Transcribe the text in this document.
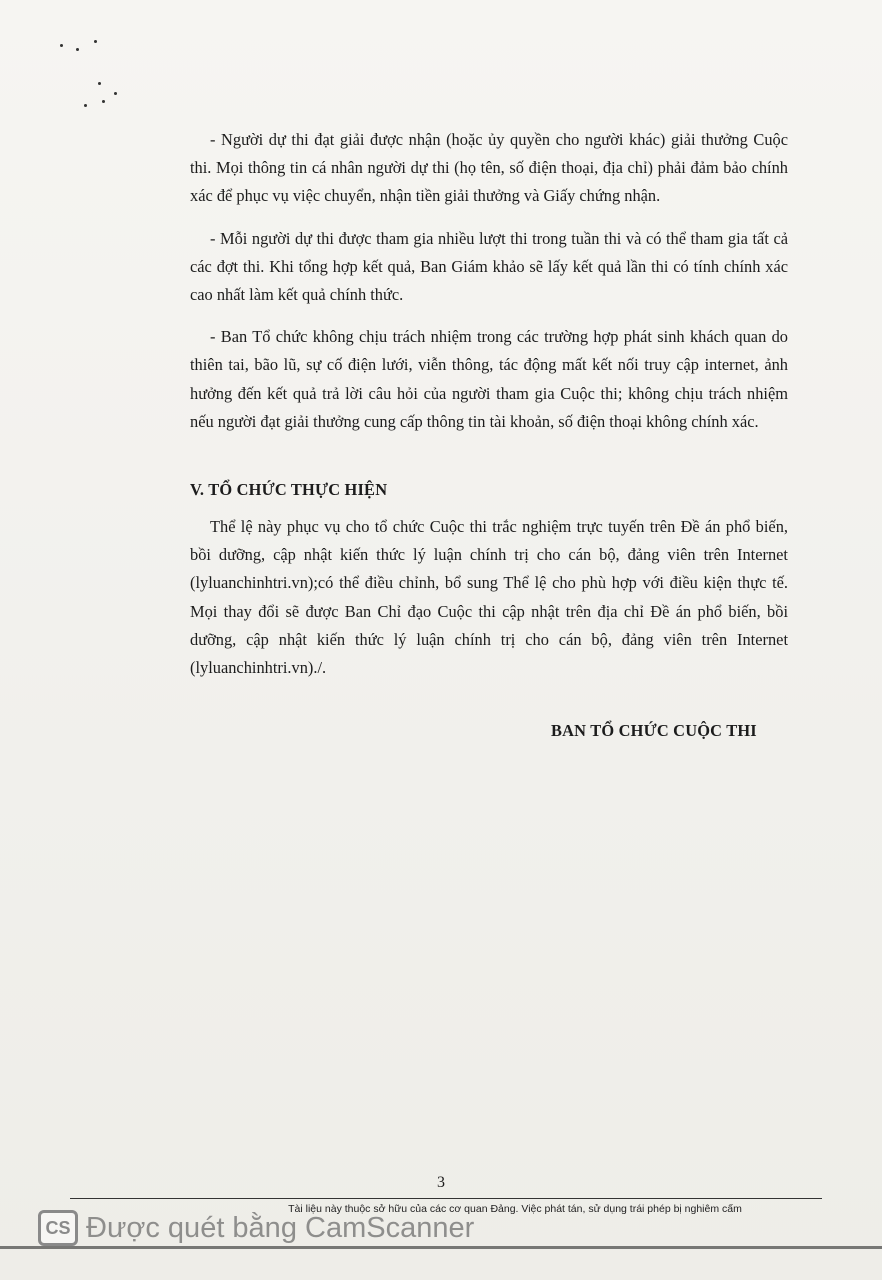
- Người dự thi đạt giải được nhận (hoặc ủy quyền cho người khác) giải thưởng Cuộc thi. Mọi thông tin cá nhân người dự thi (họ tên, số điện thoại, địa chỉ) phải đảm bảo chính xác để phục vụ việc chuyển, nhận tiền giải thưởng và Giấy chứng nhận.

- Mỗi người dự thi được tham gia nhiều lượt thi trong tuần thi và có thể tham gia tất cả các đợt thi. Khi tổng hợp kết quả, Ban Giám khảo sẽ lấy kết quả lần thi có tính chính xác cao nhất làm kết quả chính thức.

- Ban Tổ chức không chịu trách nhiệm trong các trường hợp phát sinh khách quan do thiên tai, bão lũ, sự cố điện lưới, viễn thông, tác động mất kết nối truy cập internet, ảnh hưởng đến kết quả trả lời câu hỏi của người tham gia Cuộc thi; không chịu trách nhiệm nếu người đạt giải thưởng cung cấp thông tin tài khoản, số điện thoại không chính xác.

V. TỔ CHỨC THỰC HIỆN

Thể lệ này phục vụ cho tổ chức Cuộc thi trắc nghiệm trực tuyến trên Đề án phổ biến, bồi dưỡng, cập nhật kiến thức lý luận chính trị cho cán bộ, đảng viên trên Internet (lyluanchinhtri.vn);có thể điều chỉnh, bổ sung Thể lệ cho phù hợp với điều kiện thực tế. Mọi thay đổi sẽ được Ban Chỉ đạo Cuộc thi cập nhật trên địa chỉ Đề án phổ biến, bồi dưỡng, cập nhật kiến thức lý luận chính trị cho cán bộ, đảng viên trên Internet (lyluanchinhtri.vn)./.

BAN TỔ CHỨC CUỘC THI
3
Tài liệu này thuộc sở hữu của các cơ quan Đảng. Việc phát tán, sử dụng trái phép bị nghiêm cấm
CS Được quét bằng CamScanner
